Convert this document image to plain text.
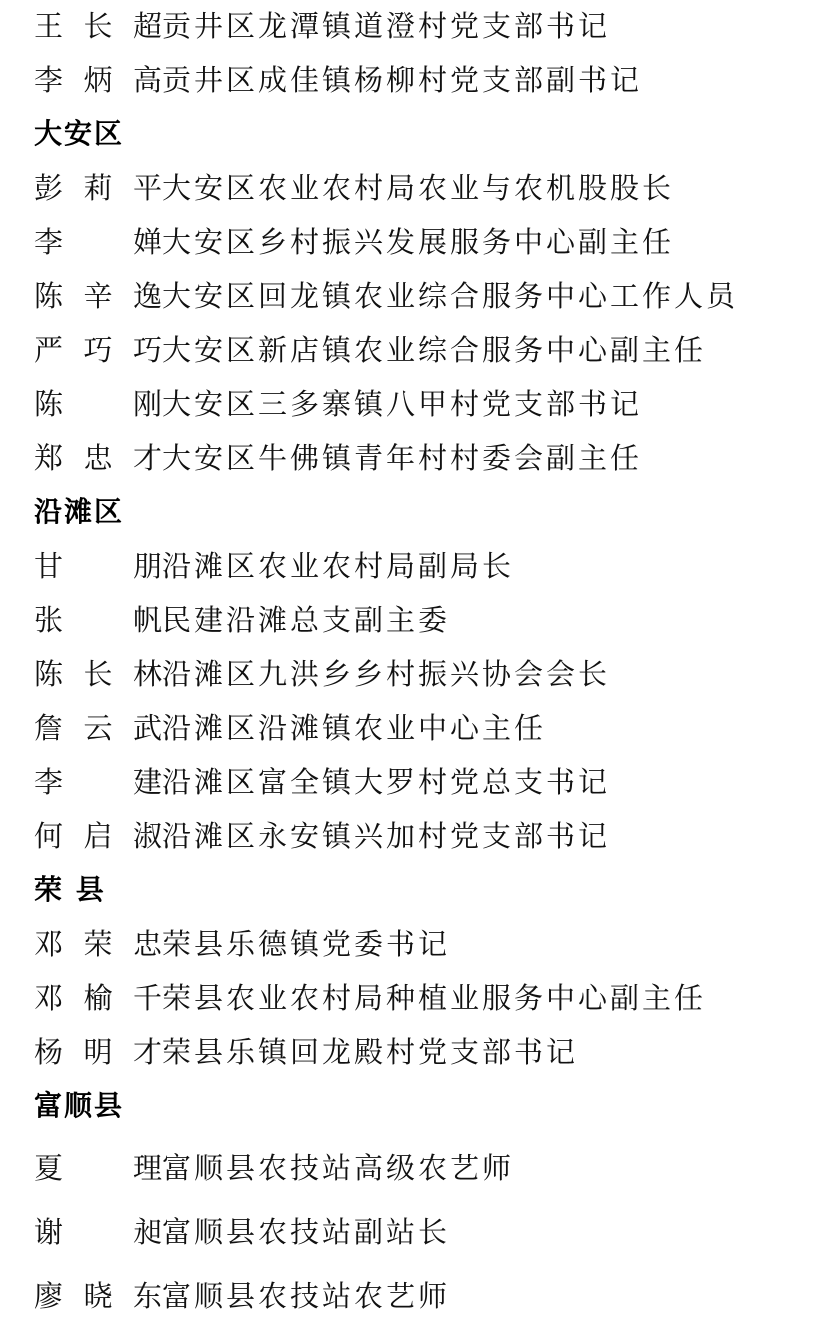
王长超贡井区龙潭镇道澄村党支部书记
李炳高贡井区成佳镇杨柳村党支部副书记
大安区
彭莉平大安区农业农村局农业与农机股股长
李　婵大安区乡村振兴发展服务中心副主任
陈辛逸大安区回龙镇农业综合服务中心工作人员
严巧巧大安区新店镇农业综合服务中心副主任
陈　刚大安区三多寨镇八甲村党支部书记
郑忠才大安区牛佛镇青年村村委会副主任
沿滩区
甘　朋沿滩区农业农村局副局长
张　帆民建沿滩总支副主委
陈长林沿滩区九洪乡乡村振兴协会会长
詹云武沿滩区沿滩镇农业中心主任
李　建沿滩区富全镇大罗村党总支书记
何启淑沿滩区永安镇兴加村党支部书记
荣 县
邓荣忠荣县乐德镇党委书记
邓榆千荣县农业农村局种植业服务中心副主任
杨明才荣县乐镇回龙殿村党支部书记
富顺县
夏　理富顺县农技站高级农艺师
谢　昶富顺县农技站副站长
廖晓东富顺县农技站农艺师
